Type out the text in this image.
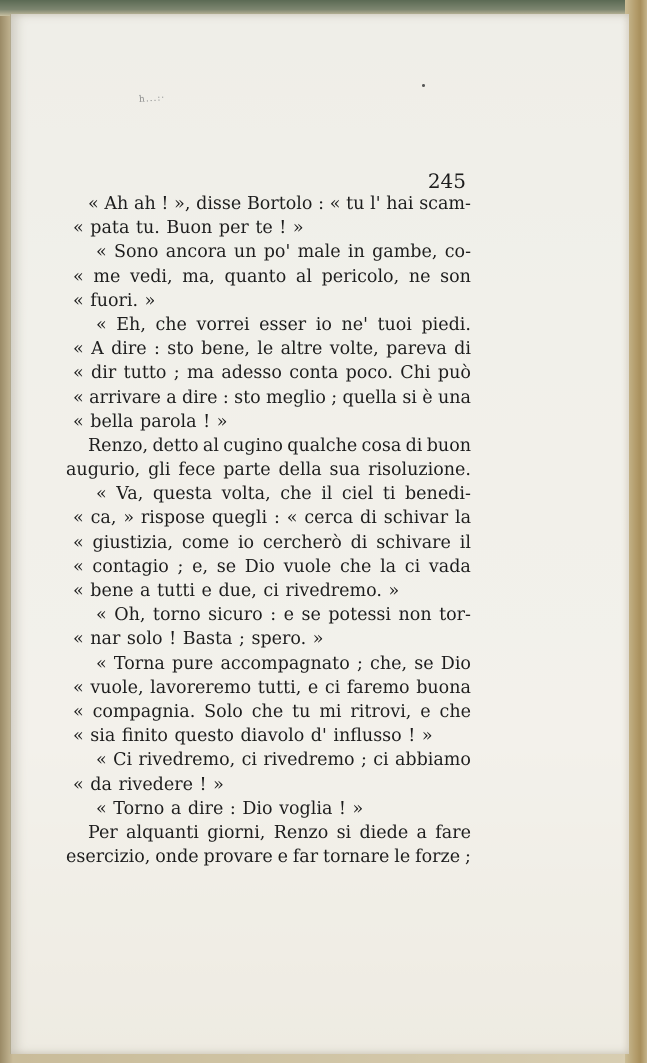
h...:·
245
« Ah ah ! », disse Bortolo : « tu l' hai scam-
« pata tu. Buon per te ! »
« Sono ancora un po' male in gambe, co-
« me vedi, ma, quanto al pericolo, ne son
« fuori. »
« Eh, che vorrei esser io ne' tuoi piedi.
« A dire : sto bene, le altre volte, pareva di
« dir tutto ; ma adesso conta poco. Chi può
« arrivare a dire : sto meglio ; quella si è una
« bella parola ! »
Renzo, detto al cugino qualche cosa di buon
augurio, gli fece parte della sua risoluzione.
« Va, questa volta, che il ciel ti benedi-
« ca, » rispose quegli : « cerca di schivar la
« giustizia, come io cercherò di schivare il
« contagio ; e, se Dio vuole che la ci vada
« bene a tutti e due, ci rivedremo. »
« Oh, torno sicuro : e se potessi non tor-
« nar solo ! Basta ; spero. »
« Torna pure accompagnato ; che, se Dio
« vuole, lavoreremo tutti, e ci faremo buona
« compagnia. Solo che tu mi ritrovi, e che
« sia finito questo diavolo d' influsso ! »
« Ci rivedremo, ci rivedremo ; ci abbiamo
« da rivedere ! »
« Torno a dire : Dio voglia ! »
Per alquanti giorni, Renzo si diede a fare
esercizio, onde provare e far tornare le forze ;
